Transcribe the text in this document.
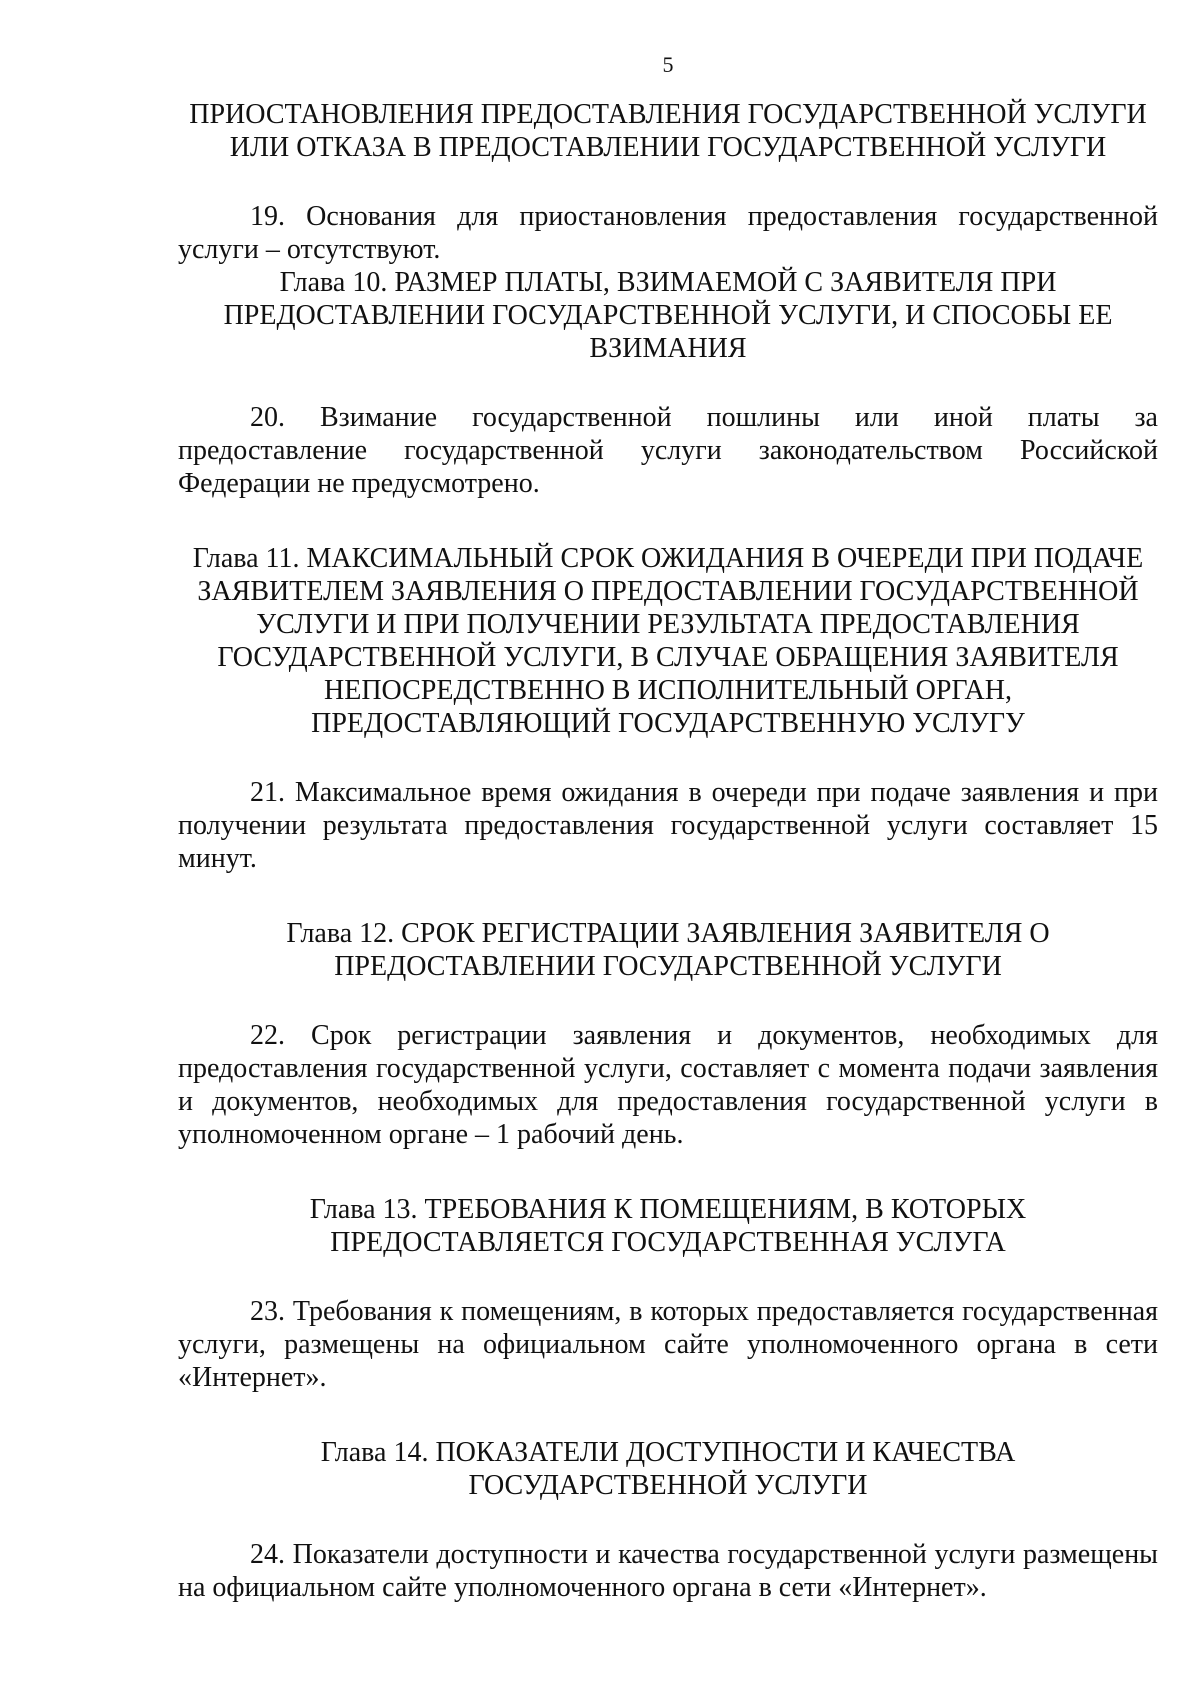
5

ПРИОСТАНОВЛЕНИЯ ПРЕДОСТАВЛЕНИЯ ГОСУДАРСТВЕННОЙ УСЛУГИ ИЛИ ОТКАЗА В ПРЕДОСТАВЛЕНИИ ГОСУДАРСТВЕННОЙ УСЛУГИ

19. Основания для приостановления предоставления государственной услуги – отсутствуют.

Глава 10. РАЗМЕР ПЛАТЫ, ВЗИМАЕМОЙ С ЗАЯВИТЕЛЯ ПРИ ПРЕДОСТАВЛЕНИИ ГОСУДАРСТВЕННОЙ УСЛУГИ, И СПОСОБЫ ЕЕ ВЗИМАНИЯ

20. Взимание государственной пошлины или иной платы за предоставление государственной услуги законодательством Российской Федерации не предусмотрено.

Глава 11. МАКСИМАЛЬНЫЙ СРОК ОЖИДАНИЯ В ОЧЕРЕДИ ПРИ ПОДАЧЕ ЗАЯВИТЕЛЕМ ЗАЯВЛЕНИЯ О ПРЕДОСТАВЛЕНИИ ГОСУДАРСТВЕННОЙ УСЛУГИ И ПРИ ПОЛУЧЕНИИ РЕЗУЛЬТАТА ПРЕДОСТАВЛЕНИЯ ГОСУДАРСТВЕННОЙ УСЛУГИ, В СЛУЧАЕ ОБРАЩЕНИЯ ЗАЯВИТЕЛЯ НЕПОСРЕДСТВЕННО В ИСПОЛНИТЕЛЬНЫЙ ОРГАН, ПРЕДОСТАВЛЯЮЩИЙ ГОСУДАРСТВЕННУЮ УСЛУГУ

21. Максимальное время ожидания в очереди при подаче заявления и при получении результата предоставления государственной услуги составляет 15 минут.

Глава 12. СРОК РЕГИСТРАЦИИ ЗАЯВЛЕНИЯ ЗАЯВИТЕЛЯ О ПРЕДОСТАВЛЕНИИ ГОСУДАРСТВЕННОЙ УСЛУГИ

22. Срок регистрации заявления и документов, необходимых для предоставления государственной услуги, составляет с момента подачи заявления и документов, необходимых для предоставления государственной услуги в уполномоченном органе – 1 рабочий день.

Глава 13. ТРЕБОВАНИЯ К ПОМЕЩЕНИЯМ, В КОТОРЫХ ПРЕДОСТАВЛЯЕТСЯ ГОСУДАРСТВЕННАЯ УСЛУГА

23. Требования к помещениям, в которых предоставляется государственная услуги, размещены на официальном сайте уполномоченного органа в сети «Интернет».

Глава 14. ПОКАЗАТЕЛИ ДОСТУПНОСТИ И КАЧЕСТВА ГОСУДАРСТВЕННОЙ УСЛУГИ

24. Показатели доступности и качества государственной услуги размещены на официальном сайте уполномоченного органа в сети «Интернет».
